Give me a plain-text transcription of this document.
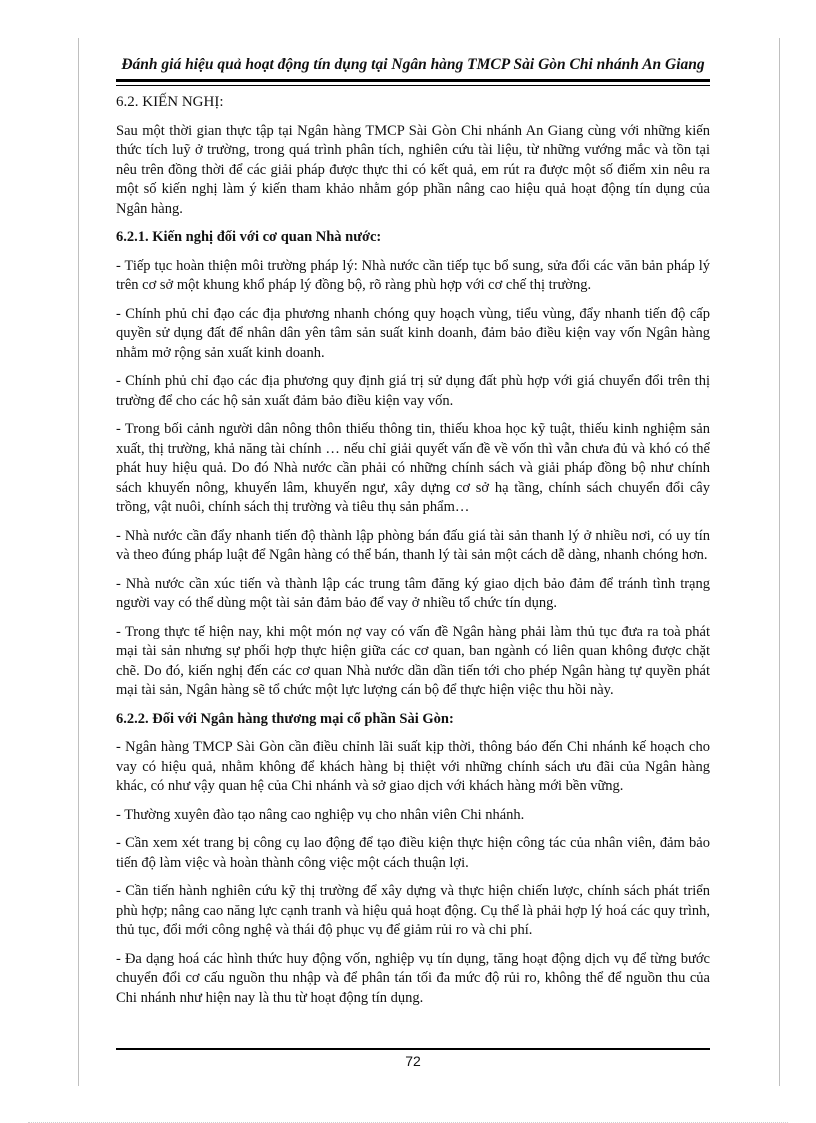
Đánh giá hiệu quả hoạt động tín dụng tại Ngân hàng TMCP Sài Gòn Chi nhánh An Giang

6.2. KIẾN NGHỊ:

Sau một thời gian thực tập tại Ngân hàng TMCP Sài Gòn Chi nhánh An Giang cùng với những kiến thức tích luỹ ở trường, trong quá trình phân tích, nghiên cứu tài liệu, từ những vướng mắc và tồn tại nêu trên đồng thời để các giải pháp được thực thi có kết quả, em rút ra được một số điểm xin nêu ra một số kiến nghị làm ý kiến tham khảo nhằm góp phần nâng cao hiệu quả hoạt động tín dụng của Ngân hàng.

6.2.1. Kiến nghị đối với cơ quan Nhà nước:

- Tiếp tục hoàn thiện môi trường pháp lý: Nhà nước cần tiếp tục bổ sung, sửa đổi các văn bản pháp lý trên cơ sở một khung khổ pháp lý đồng bộ, rõ ràng phù hợp với cơ chế thị trường.

- Chính phủ chỉ đạo các địa phương nhanh chóng quy hoạch vùng, tiểu vùng, đẩy nhanh tiến độ cấp quyền sử dụng đất để nhân dân yên tâm sản suất kinh doanh, đảm bảo điều kiện vay vốn Ngân hàng nhằm mở rộng sản xuất kinh doanh.

- Chính phủ chỉ đạo các địa phương quy định giá trị sử dụng đất phù hợp với giá chuyển đổi trên thị trường để cho các hộ sản xuất đảm bảo điều kiện vay vốn.

- Trong bối cảnh người dân nông thôn thiếu thông tin, thiếu khoa học kỹ tuật, thiếu kinh nghiệm sản xuất, thị trường, khả năng tài chính … nếu chỉ giải quyết vấn đề về vốn thì vẫn chưa đủ và khó có thể phát huy hiệu quả. Do đó Nhà nước cần phải có những chính sách và giải pháp đồng bộ như chính sách khuyến nông, khuyến lâm, khuyến ngư, xây dựng cơ sở hạ tầng, chính sách chuyển đổi cây trồng, vật nuôi, chính sách thị trường và tiêu thụ sản phẩm…

- Nhà nước cần đẩy nhanh tiến độ thành lập phòng bán đấu giá tài sản thanh lý ở nhiều nơi, có uy tín và theo đúng pháp luật để Ngân hàng có thể bán, thanh lý tài sản một cách dễ dàng, nhanh chóng hơn.

- Nhà nước cần xúc tiến và thành lập các trung tâm đăng ký giao dịch bảo đảm để tránh tình trạng người vay có thể dùng một tài sản đảm bảo để vay ở nhiều tổ chức tín dụng.

- Trong thực tế hiện nay, khi một món nợ vay có vấn đề Ngân hàng phải làm thủ tục đưa ra toà phát mại tài sản nhưng sự phối hợp thực hiện giữa các cơ quan, ban ngành có liên quan không được chặt chẽ. Do đó, kiến nghị đến các cơ quan Nhà nước dần dần tiến tới cho phép Ngân hàng tự quyền phát mại tài sản, Ngân hàng sẽ tổ chức một lực lượng cán bộ để thực hiện việc thu hồi này.

6.2.2. Đối với Ngân hàng thương mại cổ phần Sài Gòn:

- Ngân hàng TMCP Sài Gòn cần điều chỉnh lãi suất kịp thời, thông báo đến Chi nhánh kế hoạch cho vay có hiệu quả, nhằm không để khách hàng bị thiệt với những chính sách ưu đãi của Ngân hàng khác, có như vậy quan hệ của Chi nhánh và sở giao dịch với khách hàng mới bền vững.

- Thường xuyên đào tạo nâng cao nghiệp vụ cho nhân viên Chi nhánh.

- Cần xem xét trang bị công cụ lao động để tạo điều kiện thực hiện công tác của nhân viên, đảm bảo tiến độ làm việc và hoàn thành công việc một cách thuận lợi.

- Cần tiến hành nghiên cứu kỹ thị trường để xây dựng và thực hiện chiến lược, chính sách phát triển phù hợp; nâng cao năng lực cạnh tranh và hiệu quả hoạt động. Cụ thể là phải hợp lý hoá các quy trình, thủ tục, đổi mới công nghệ và thái độ phục vụ để giảm rủi ro và chi phí.

- Đa dạng hoá các hình thức huy động vốn, nghiệp vụ tín dụng, tăng hoạt động dịch vụ để từng bước chuyển đổi cơ cấu nguồn thu nhập và để phân tán tối đa mức độ rủi ro, không thể để nguồn thu của Chi nhánh như hiện nay là thu từ hoạt động tín dụng.

72
